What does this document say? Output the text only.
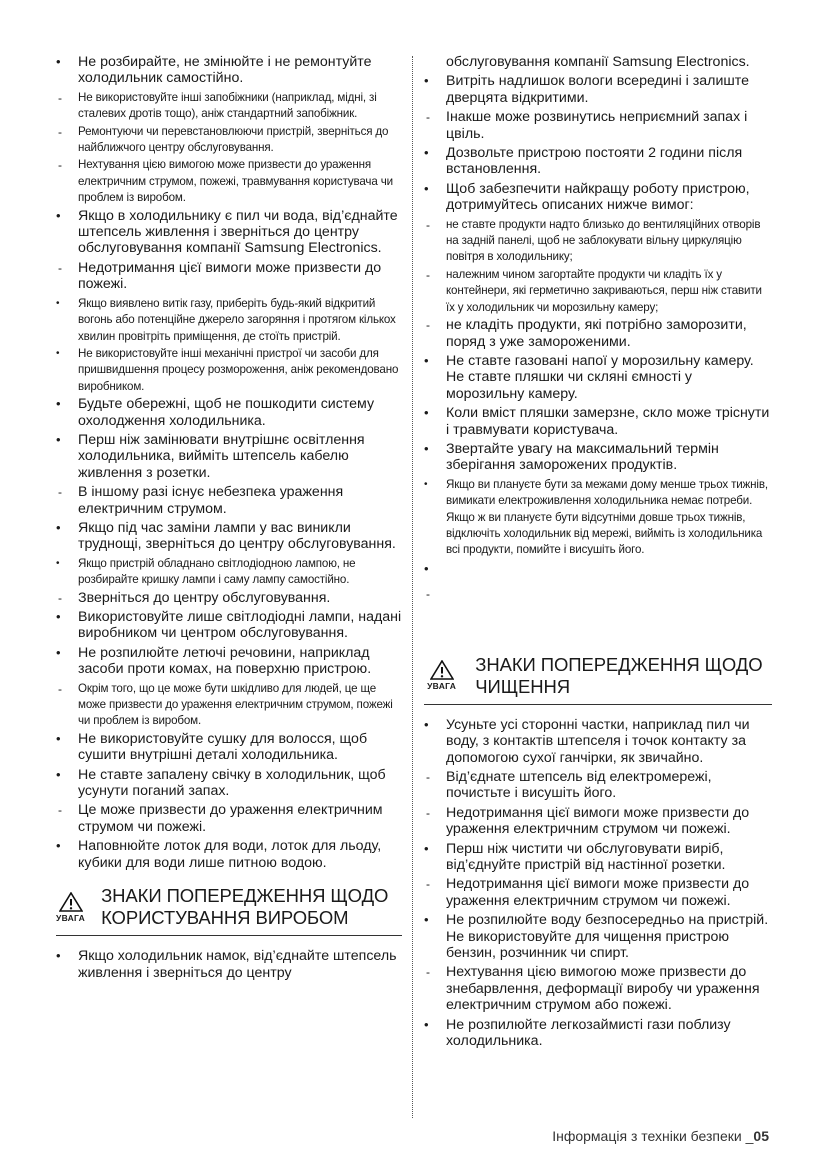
•	Не розбирайте, не змінюйте і не ремонтуйте холодильник самостійно.
-	Не використовуйте інші запобіжники (наприклад, мідні, зі сталевих дротів тощо), аніж стандартний запобіжник.
-	Ремонтуючи чи перевстановлюючи пристрій, зверніться до найближчого центру обслуговування.
-	Нехтування цією вимогою може призвести до ураження електричним струмом, пожежі, травмування користувача чи проблем із виробом.
•	Якщо в холодильнику є пил чи вода, від’єднайте штепсель живлення і зверніться до центру обслуговування компанії Samsung Electronics.
-	Недотримання цієї вимоги може призвести до пожежі.
•	Якщо виявлено витік газу, приберіть будь-який відкритий вогонь або потенційне джерело загоряння і протягом кількох хвилин провітріть приміщення, де стоїть пристрій.
•	Не використовуйте інші механічні пристрої чи засоби для пришвидшення процесу розмороження, аніж рекомендовано виробником.
•	Будьте обережні, щоб не пошкодити систему охолодження холодильника.
•	Перш ніж замінювати внутрішнє освітлення холодильника, вийміть штепсель кабелю живлення з розетки.
-	В іншому разі існує небезпека ураження електричним струмом.
•	Якщо під час заміни лампи у вас виникли труднощі, зверніться до центру обслуговування.
•	Якщо пристрій обладнано світлодіодною лампою, не розбирайте кришку лампи і саму лампу самостійно.
-	Зверніться до центру обслуговування.
•	Використовуйте лише світлодіодні лампи, надані виробником чи центром обслуговування.
•	Не розпилюйте летючі речовини, наприклад засоби проти комах, на поверхню пристрою.
-	Окрім того, що це може бути шкідливо для людей, це ще може призвести до ураження електричним струмом, пожежі чи проблем із виробом.
•	Не використовуйте сушку для волосся, щоб сушити внутрішні деталі холодильника.
•	Не ставте запалену свічку в холодильник, щоб усунути поганий запах.
-	Це може призвести до ураження електричним струмом чи пожежі.
•	Наповнюйте лоток для води, лоток для льоду, кубики для води лише питною водою.
УВАГА
ЗНАКИ ПОПЕРЕДЖЕННЯ ЩОДО КОРИСТУВАННЯ ВИРОБОМ
•	Якщо холодильник намок, від’єднайте штепсель живлення і зверніться до центру
обслуговування компанії Samsung Electronics.
•	Витріть надлишок вологи всередині і залиште дверцята відкритими.
-	Інакше може розвинутись неприємний запах і цвіль.
•	Дозвольте пристрою постояти 2 години після встановлення.
•	Щоб забезпечити найкращу роботу пристрою, дотримуйтесь описаних нижче вимог:
-	не ставте продукти надто близько до вентиляційних отворів на задній панелі, щоб не заблокувати вільну циркуляцію повітря в холодильнику;
-	належним чином загортайте продукти чи кладіть їх у контейнери, які герметично закриваються, перш ніж ставити їх у холодильник чи морозильну камеру;
-	не кладіть продукти, які потрібно заморозити, поряд з уже замороженими.
•	Не ставте газовані напої у морозильну камеру. Не ставте пляшки чи скляні ємності у морозильну камеру.
•	Коли вміст пляшки замерзне, скло може тріснути і травмувати користувача.
•	Звертайте увагу на максимальний термін зберігання заморожених продуктів.
•	Якщо ви плануєте бути за межами дому менше трьох тижнів, вимикати електроживлення холодильника немає потреби. Якщо ж ви плануєте бути відсутніми довше трьох тижнів, відключіть холодильник від мережі, вийміть із холодильника всі продукти, помийте і висушіть його.
•
-
УВАГА
ЗНАКИ ПОПЕРЕДЖЕННЯ ЩОДО ЧИЩЕННЯ
•	Усуньте усі сторонні частки, наприклад пил чи воду, з контактів штепселя і точок контакту за допомогою сухої ганчірки, як звичайно.
-	Від’єднате штепсель від електромережі, почистьте і висушіть його.
-	Недотримання цієї вимоги може призвести до ураження електричним струмом чи пожежі.
•	Перш ніж чистити чи обслуговувати виріб, від’єднуйте пристрій від настінної розетки.
-	Недотримання цієї вимоги може призвести до ураження електричним струмом чи пожежі.
•	Не розпилюйте воду безпосередньо на пристрій. Не використовуйте для чищення пристрою бензин, розчинник чи спирт.
-	Нехтування цією вимогою може призвести до знебарвлення, деформації виробу чи ураження електричним струмом або пожежі.
•	Не розпилюйте легкозаймисті гази поблизу холодильника.
Інформація з техніки безпеки _05
